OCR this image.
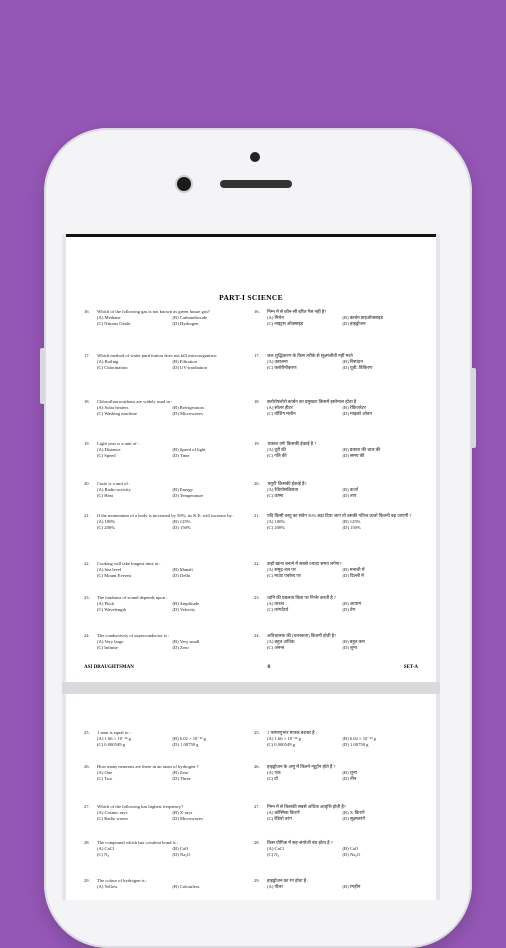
PART-I SCIENCE
16. Which of the following gas is not known as green house gas?
(A) Methane	(B) Carbondioxide
(C) Nitrous Oxide	(D) Hydrogen
17. Which method of water purification does not kill microorganism:
(A) Boiling	(B) Filtration
(C) Chlorination	(D) UV-irradiation
18. Chlorofluorocarbons are widely used in :
(A) Solar heaters	(B) Refrigerators
(C) Washing machine	(D) Microwaves
19. Light year is a unit of :
(A) Distance	(B) Speed of light
(C) Speed	(D) Time
20. Curie is a unit of :
(A) Radio-activity	(B) Energy
(C) Heat	(D) Temperature
21. If the momentum of a body is increased by 50%, its K.E. will increase by :
(A) 100%	(B) 125%
(C) 200%	(D) 150%
22. Cooking will take longest time at :
(A) Sea level	(B) Manali
(C) Mount Everest	(D) Delhi
23. The loudness of sound depends upon :
(A) Pitch	(B) Amplitude
(C) Wavelength	(D) Velocity
24. The conductivity of superconductor is :
(A) Very large	(B) Very small
(C) Infinite	(D) Zero
16. निम्न में से कौन-सी हरित गैस नहीं है?
(A) मिथेन	(B) कार्बन डाइऑक्साइड
(C) नाइट्रस ऑक्साइड	(D) हाइड्रोजन
17. जल शुद्धिकरण के किस तरीके से सूक्ष्मजीवी नहीं मरते
(A) उबालना	(B) निस्पंदन
(C) क्लोरीनीकरण	(D) यूवी–विकिरण
18. क्लोरोफ्लोरो कार्बन का प्रमुखतः किसमें इस्तेमाल होता है
(A) सोलर हीटर	(B) रेफ्रिजरेटर
(C) वॉशिंग मशीन	(D) माइक्रो ओवन
19. 'प्रकाश वर्ष' किसकी ईकाई है ?
(A) दूरी की	(B) प्रकाश की चाल की
(C) गति की	(D) समय की
20. 'क्यूरी' किसकी ईकाई है?
(A) रेडियोसक्रियता	(B) ऊर्जा
(C) ऊष्मा	(D) ताप
21. यदि किसी वस्तु का संवेग 50% बढ़ा दिया जाए तो उसकी गतिज ऊर्जा कितनी बढ़ जाएगी ?
(A) 100%	(B) 125%
(C) 200%	(D) 150%
22. कहाँ खाना बनाने में सबसे ज्यादा समय लगेगा?
(A) समुद्र-तल पर	(B) मनाली में
(C) माउंट एवरेस्ट पर	(D) दिल्ली में
23. ध्वनि की प्रबलता किस पर निर्भर करती है ?
(A) तारत्व	(B) आयाम
(C) तरंगदैर्ध्य	(D) वेग
24. अतिचालक की (चालकता) कितनी होती है?
(A) बहुत अधिक	(B) बहुत कम
(C) अनन्त	(D) शून्य
ASI DRAUGHTSMAN	8	SET-A
25. 1 amu is equal to :
(A) 1.66 × 10⁻²⁴ g	(B) 6.02 × 10⁻²³ g
(C) 0.000549 g	(D) 1.00758 g
26. How many neutrons are there in an atom of hydrogen ?
(A) One	(B) Zero
(C) Two	(D) Three
27. Which of the following has highest frequency?
(A) Cosmic rays	(B) X-rays
(C) Radio waves	(D) Microwaves
28. The compound which has covalent bond is :
(A) CaCl	(B) CaO
(C) N₂	(D) Na₂O
29. The colour of hydrogen is :
(A) Yellow	(B) Colourless
25. 1 परमाणुभार मात्रक बराबर है :
(A) 1.66 × 10⁻²⁴ g	(B) 6.02 × 10⁻²³ g
(C) 0.000549 g	(D) 1.00758 g
26. हाइड्रोजन के अणु में कितने न्यूट्रॉन होते हैं ?
(A) एक	(B) शून्य
(C) दो	(D) तीन
27. निम्न में से किसकी सबसे अधिक आवृत्ति होती है?
(A) कॉस्मिक किरणें	(B) X-किरणें
(C) रेडियो तरंग	(D) सूक्ष्मतरंगें
28. किस यौगिक में सह-संयोजी बंध होता है ?
(A) CaCl	(B) CaO
(C) N₂	(D) Na₂O
29. हाइड्रोजन का रंग होता है :
(A) पीला	(B) रंगहीन
